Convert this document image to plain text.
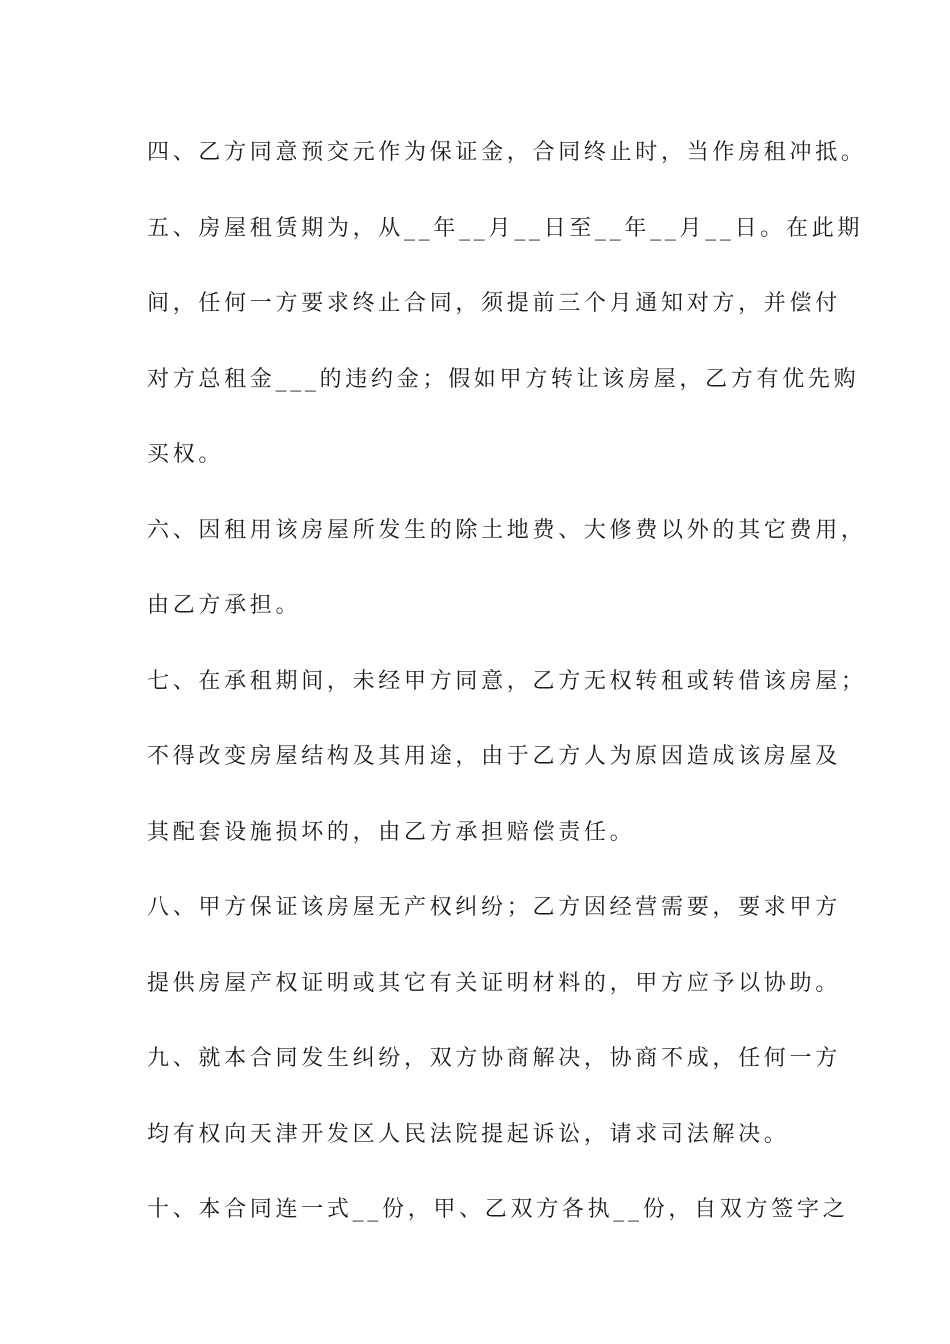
四、乙方同意预交元作为保证金，合同终止时，当作房租冲抵。
五、房屋租赁期为，从__年__月__日至__年__月__日。在此期
间，任何一方要求终止合同，须提前三个月通知对方，并偿付
对方总租金___的违约金；假如甲方转让该房屋，乙方有优先购
买权。
六、因租用该房屋所发生的除土地费、大修费以外的其它费用，
由乙方承担。
七、在承租期间，未经甲方同意，乙方无权转租或转借该房屋；
不得改变房屋结构及其用途，由于乙方人为原因造成该房屋及
其配套设施损坏的，由乙方承担赔偿责任。
八、甲方保证该房屋无产权纠纷；乙方因经营需要，要求甲方
提供房屋产权证明或其它有关证明材料的，甲方应予以协助。
九、就本合同发生纠纷，双方协商解决，协商不成，任何一方
均有权向天津开发区人民法院提起诉讼，请求司法解决。
十、本合同连一式__份，甲、乙双方各执__份，自双方签字之
